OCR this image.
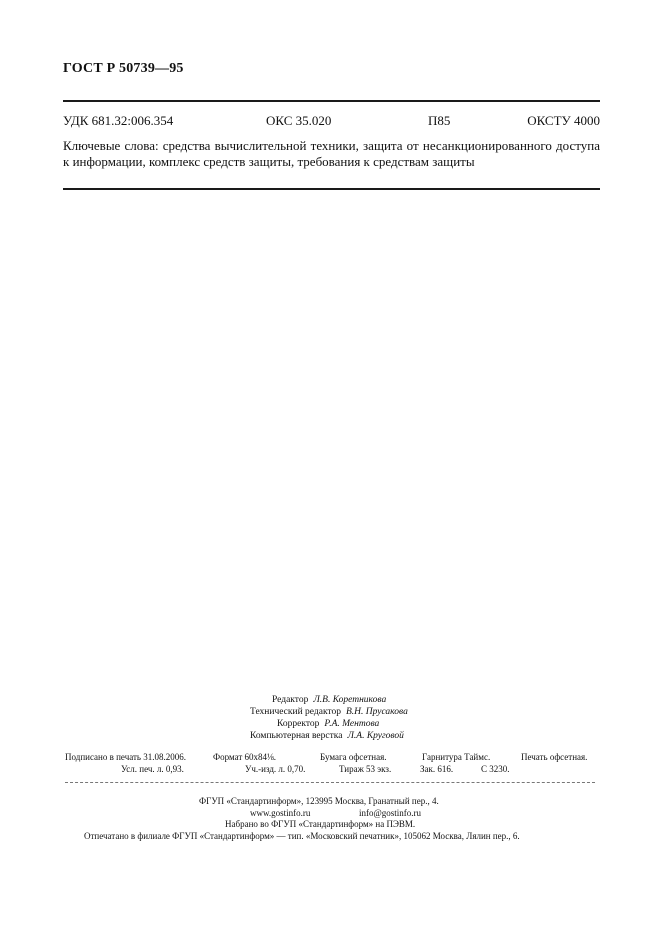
ГОСТ Р 50739—95
УДК 681.32:006.354	ОКС 35.020	П85	ОКСТУ 4000
Ключевые слова: средства вычислительной техники, защита от несанкционированного доступа к информации, комплекс средств защиты, требования к средствам защиты
Редактор Л.В. Коретникова
Технический редактор В.Н. Прусакова
Корректор Р.А. Ментова
Компьютерная верстка Л.А. Круговой
Подписано в печать 31.08.2006.	Формат 60x84⅛.	Бумага офсетная.	Гарнитура Таймс.	Печать офсетная.
Усл. печ. л. 0,93.	Уч.-изд. л. 0,70.	Тираж 53 экз.	Зак. 616.	С 3230.
ФГУП «Стандартинформ», 123995 Москва, Гранатный пер., 4.
www.gostinfo.ru	info@gostinfo.ru
Набрано во ФГУП «Стандартинформ» на ПЭВМ.
Отпечатано в филиале ФГУП «Стандартинформ» — тип. «Московский печатник», 105062 Москва, Лялин пер., 6.
